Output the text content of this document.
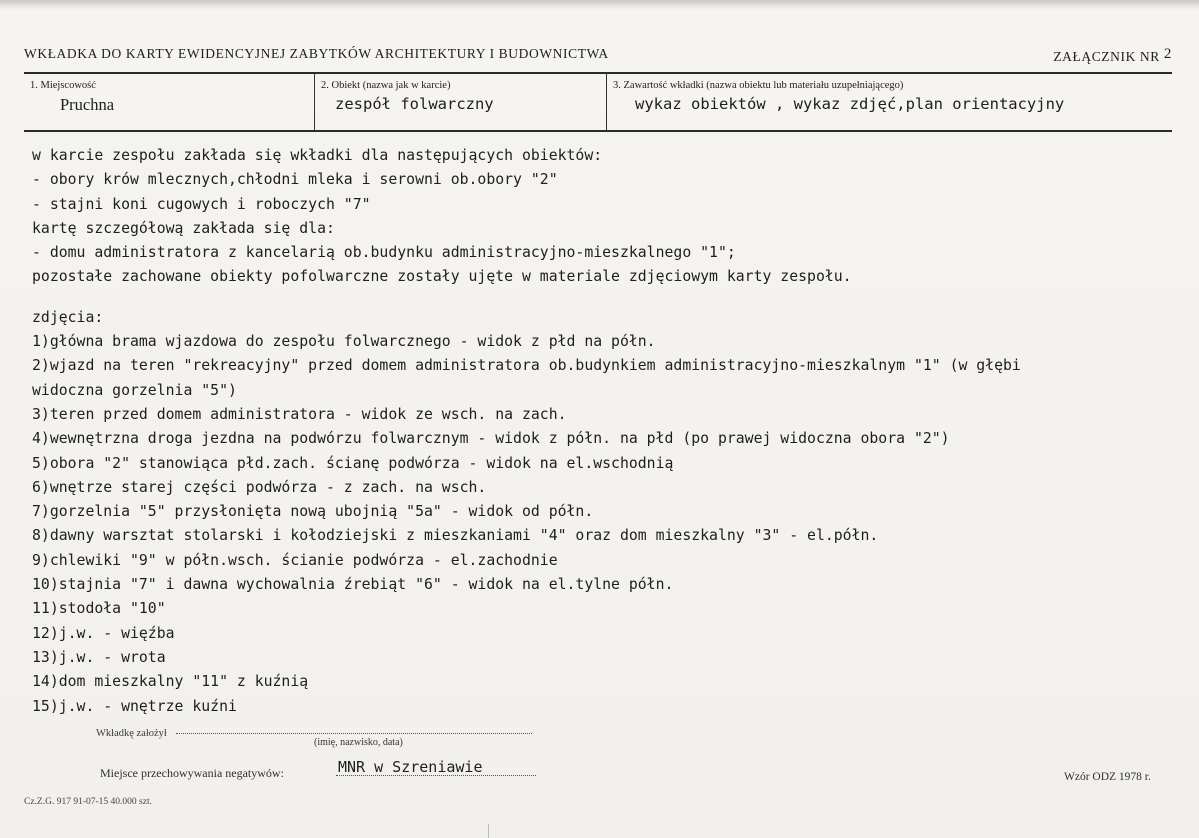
WKŁADKA DO KARTY EWIDENCYJNEJ ZABYTKÓW ARCHITEKTURY I BUDOWNICTWA	ZAŁĄCZNIK NR 2
1. Miejscowość
Pruchna
2. Obiekt (nazwa jak w karcie)
zespół folwarczny
3. Zawartość wkładki (nazwa obiektu lub materiału uzupełniającego)
wykaz obiektów , wykaz zdjęć,plan orientacyjny
w karcie zespołu zakłada się wkładki dla następujących obiektów:
- obory krów mlecznych,chłodni mleka i serowni ob.obory "2"
- stajni koni cugowych i roboczych "7"
kartę szczegółową zakłada się dla:
- domu administratora z kancelarią ob.budynku administracyjno-mieszkalnego "1";
pozostałe zachowane obiekty pofolwarczne zostały ujęte w materiale zdjęciowym karty zespołu.
zdjęcia:
1)główna brama wjazdowa do zespołu folwarcznego - widok z płd na półn.
2)wjazd na teren "rekreacyjny" przed domem administratora ob.budynkiem administracyjno-mieszkalnym "1" (w głębi
widoczna gorzelnia "5")
3)teren przed domem administratora - widok ze wsch. na zach.
4)wewnętrzna droga jezdna na podwórzu folwarcznym - widok z półn. na płd (po prawej widoczna obora "2")
5)obora "2" stanowiąca płd.zach. ścianę podwórza - widok na el.wschodnią
6)wnętrze starej części podwórza - z zach. na wsch.
7)gorzelnia "5" przysłonięta nową ubojnią "5a" - widok od półn.
8)dawny warsztat stolarski i kołodziejski z mieszkaniami "4" oraz dom mieszkalny "3" - el.półn.
9)chlewiki "9" w półn.wsch. ścianie podwórza - el.zachodnie
10)stajnia "7" i dawna wychowalnia źrebiąt "6" - widok na el.tylne półn.
11)stodoła "10"
12)j.w. - więźba
13)j.w. - wrota
14)dom mieszkalny "11" z kuźnią
15)j.w. - wnętrze kuźni
Wkładkę założył
(imię, nazwisko, data)
Miejsce przechowywania negatywów:	MNR w Szreniawie
Wzór ODZ 1978 r.
Cz.Z.G. 917 91-07-15 40.000 szt.
